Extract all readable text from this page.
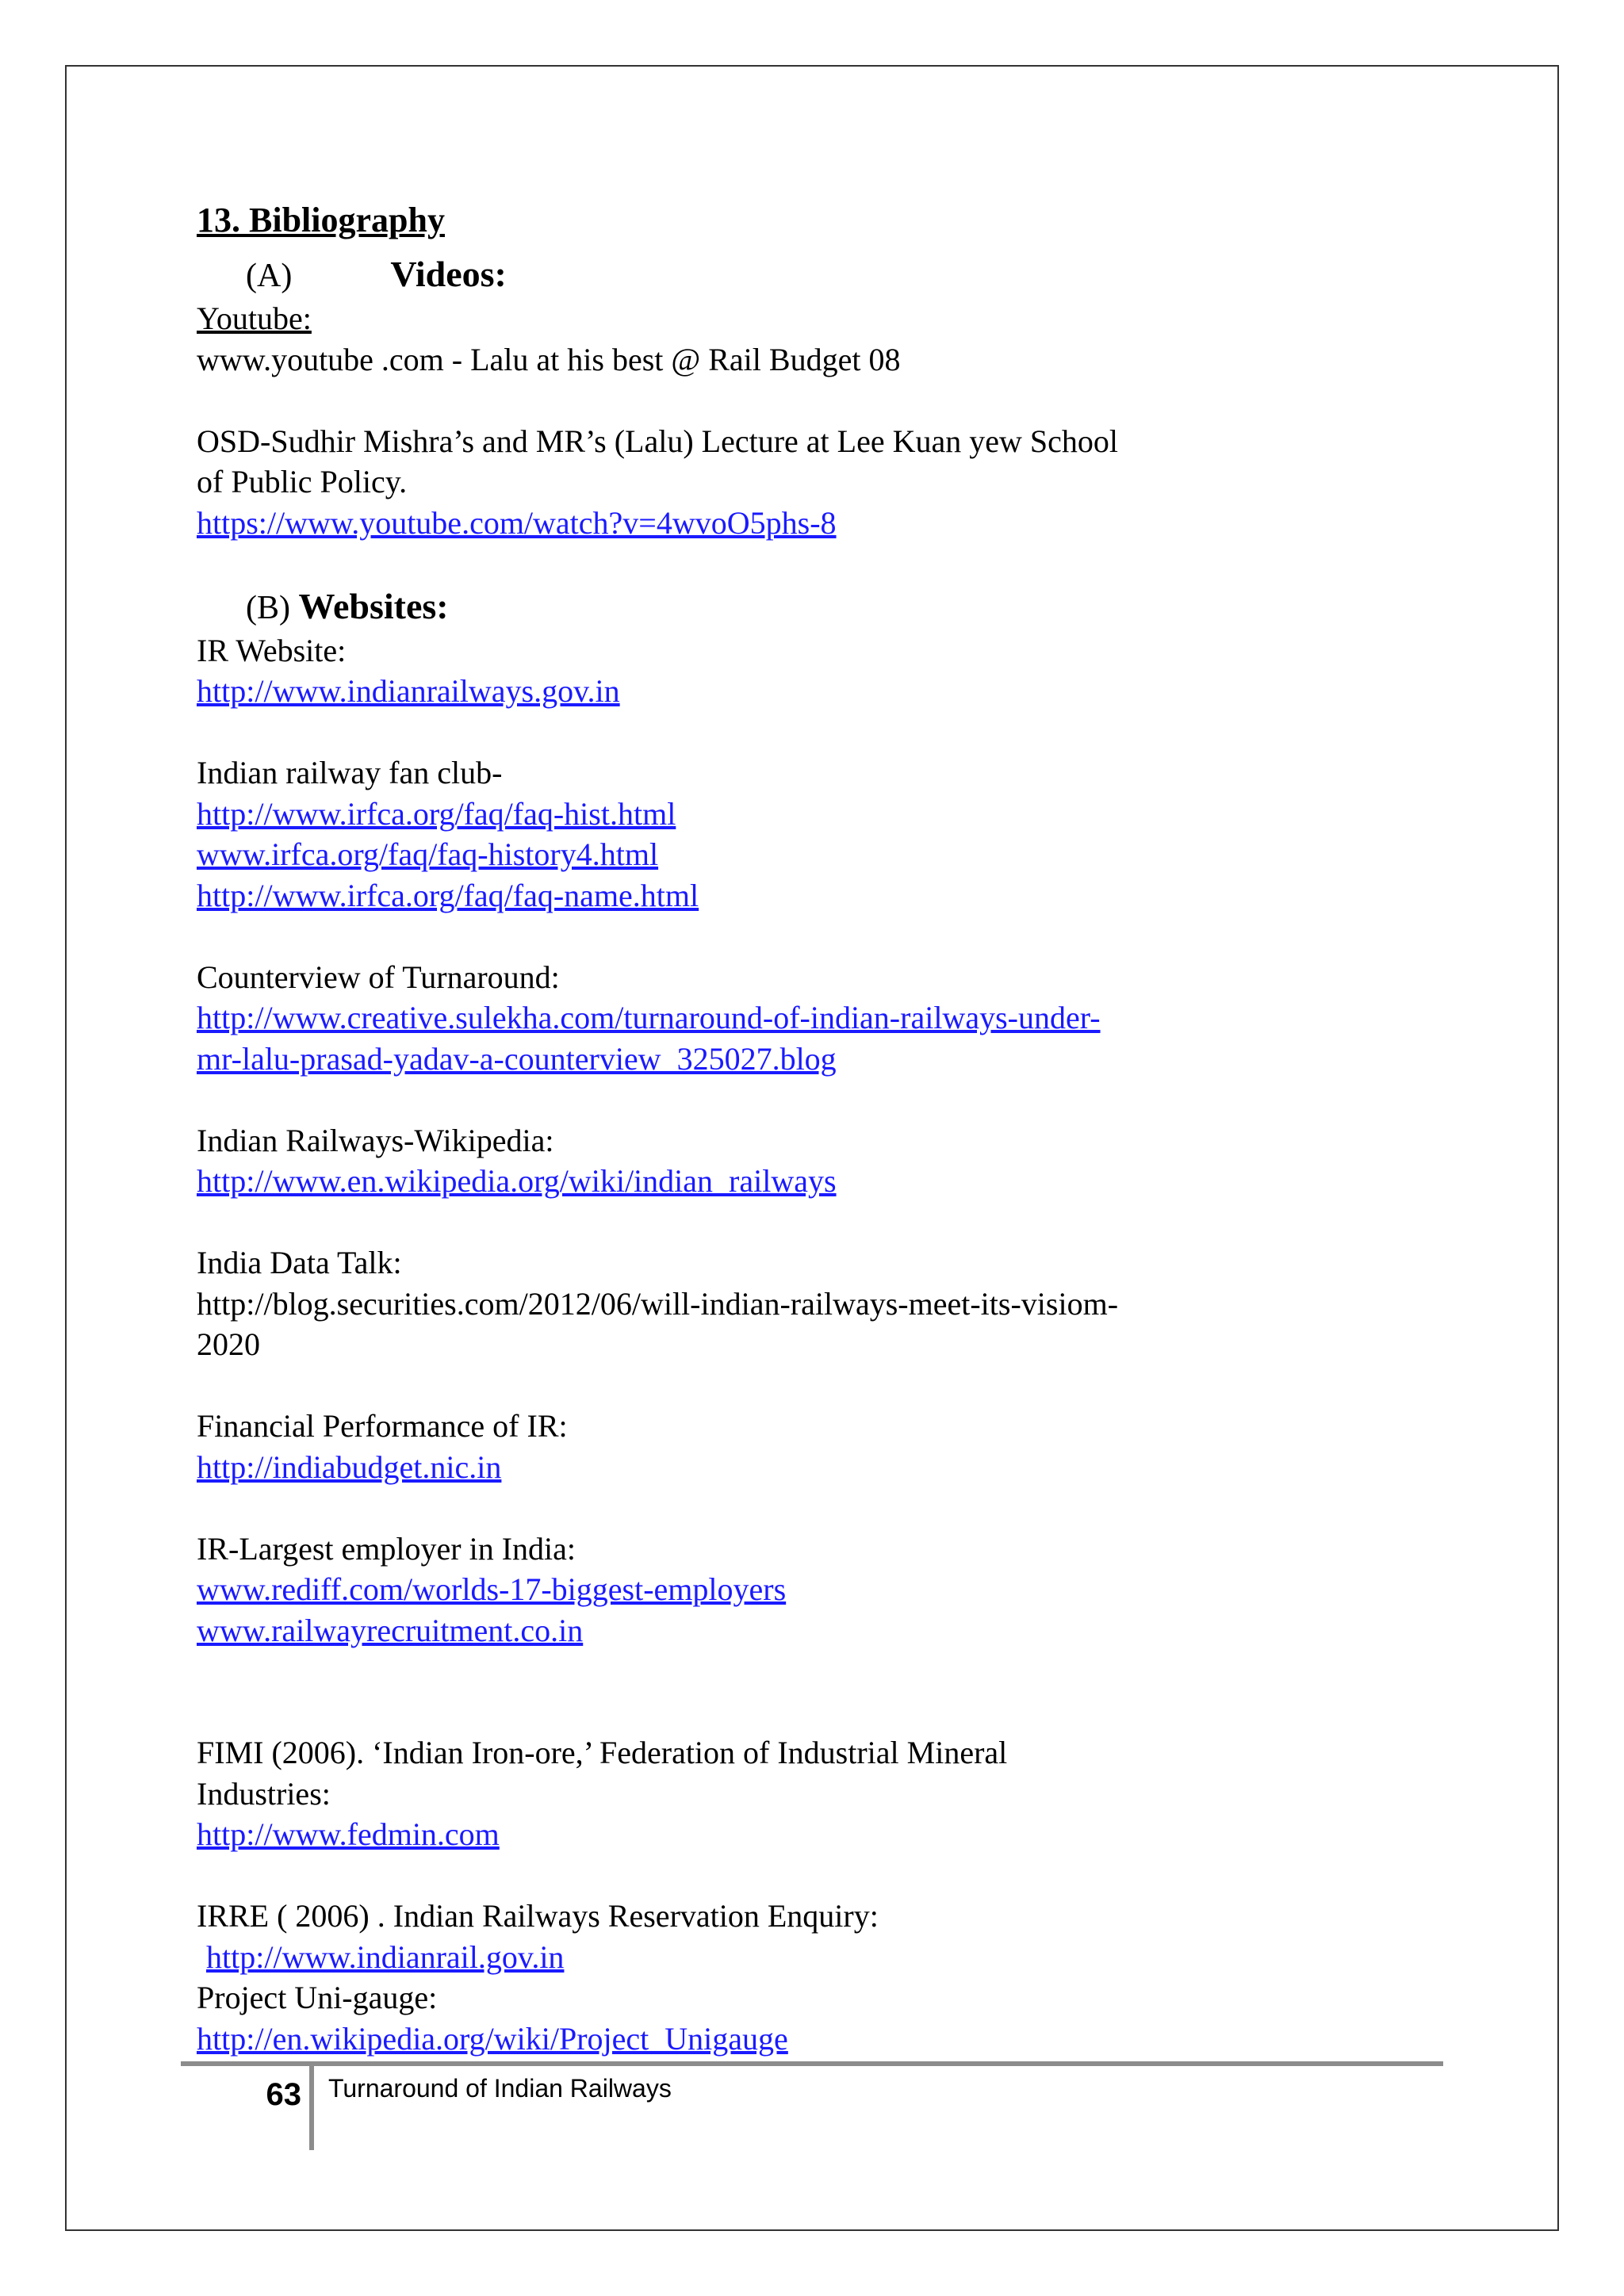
13. Bibliography
(A)	Videos:
Youtube:
www.youtube .com - Lalu at his best @ Rail Budget 08
OSD-Sudhir Mishra’s and MR’s (Lalu) Lecture at Lee Kuan yew School
of Public Policy.
https://www.youtube.com/watch?v=4wvoO5phs-8
(B) Websites:
IR Website:
http://www.indianrailways.gov.in
Indian railway fan club-
http://www.irfca.org/faq/faq-hist.html
www.irfca.org/faq/faq-history4.html
http://www.irfca.org/faq/faq-name.html
Counterview of Turnaround:
http://www.creative.sulekha.com/turnaround-of-indian-railways-under-
mr-lalu-prasad-yadav-a-counterview_325027.blog
Indian Railways-Wikipedia:
http://www.en.wikipedia.org/wiki/indian_railways
India Data Talk:
http://blog.securities.com/2012/06/will-indian-railways-meet-its-visiom-
2020
Financial Performance of IR:
http://indiabudget.nic.in
IR-Largest employer in India:
www.rediff.com/worlds-17-biggest-employers
www.railwayrecruitment.co.in
FIMI (2006). ‘Indian Iron-ore,’ Federation of Industrial Mineral
Industries:
http://www.fedmin.com
IRRE ( 2006) . Indian Railways Reservation Enquiry:
http://www.indianrail.gov.in
Project Uni-gauge:
http://en.wikipedia.org/wiki/Project_Unigauge
63 Turnaround of Indian Railways
